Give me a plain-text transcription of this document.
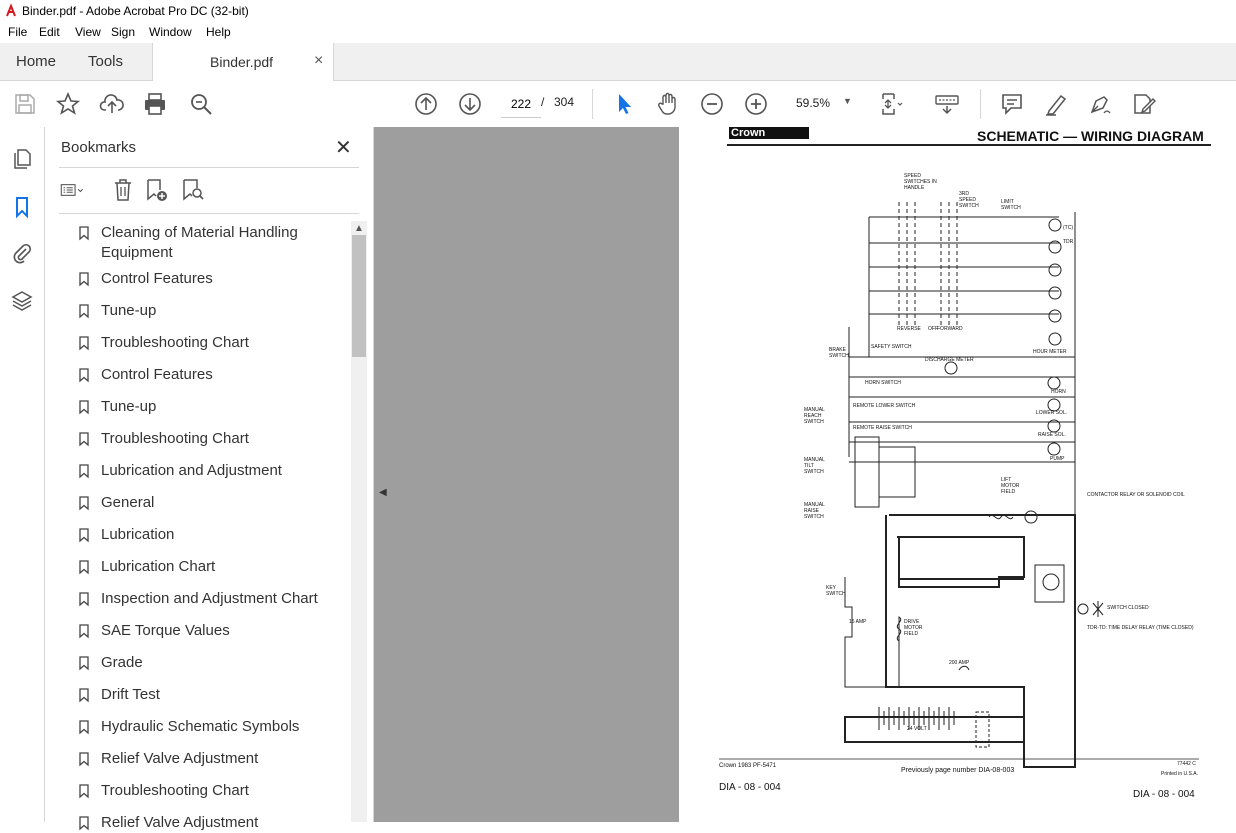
Binder.pdf - Adobe Acrobat Pro DC (32-bit)
File Edit View Sign Window Help
Home Tools	Binder.pdf	×
222
/ 304	59.5% ▼
Bookmarks	✕
Cleaning of Material Handling Equipment
Control Features
Tune-up
Troubleshooting Chart
Control Features
Tune-up
Troubleshooting Chart
Lubrication and Adjustment
General
Lubrication
Lubrication Chart
Inspection and Adjustment Chart
SAE Torque Values
Grade
Drift Test
Hydraulic Schematic Symbols
Relief Valve Adjustment
Troubleshooting Chart
Relief Valve Adjustment
▲
◀
Crown	SCHEMATIC — WIRING DIAGRAM
SPEED SWITCHES IN HANDLE
3RD SPEED SWITCH
LIMIT SWITCH
(TC)
TDR
REVERSE OFF FORWARD
SAFETY SWITCH
HOUR METER
BRAKE SWITCH
DISCHARGE METER
HORN SWITCH
HORN
REMOTE LOWER SWITCH
LOWER SOL.
REMOTE RAISE SWITCH
RAISE SOL.
PUMP
MANUAL REACH SWITCH
MANUAL TILT SWITCH
MANUAL RAISE SWITCH
LIFT MOTOR FIELD
KEY SWITCH
15 AMP	DRIVE MOTOR FIELD
200 AMP
24 VOLT
CONTACTOR RELAY OR SOLENOID COIL
SWITCH CLOSED
TDR-TD: TIME DELAY RELAY (TIME CLOSED)
Crown 1983 PF-5471
Previously page number DIA-08-003
77442 C
Printed in U.S.A.
DIA - 08 - 004
DIA - 08 - 004
